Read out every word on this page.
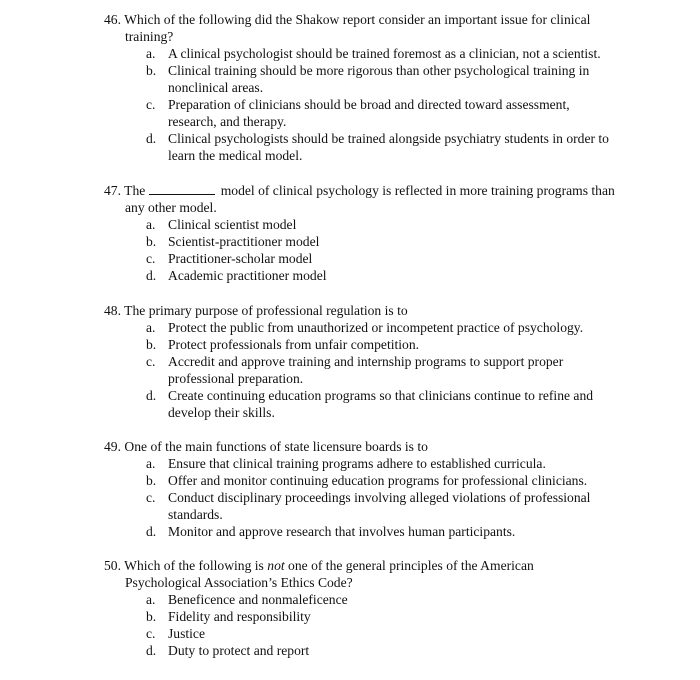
46. Which of the following did the Shakow report consider an important issue for clinical
training?
a. A clinical psychologist should be trained foremost as a clinician, not a scientist.
b. Clinical training should be more rigorous than other psychological training in
nonclinical areas.
c. Preparation of clinicians should be broad and directed toward assessment,
research, and therapy.
d. Clinical psychologists should be trained alongside psychiatry students in order to
learn the medical model.
47. The	model of clinical psychology is reflected in more training programs than
any other model.
a. Clinical scientist model
b. Scientist-practitioner model
c. Practitioner-scholar model
d. Academic practitioner model
48. The primary purpose of professional regulation is to
a. Protect the public from unauthorized or incompetent practice of psychology.
b. Protect professionals from unfair competition.
c. Accredit and approve training and internship programs to support proper
professional preparation.
d. Create continuing education programs so that clinicians continue to refine and
develop their skills.
49. One of the main functions of state licensure boards is to
a. Ensure that clinical training programs adhere to established curricula.
b. Offer and monitor continuing education programs for professional clinicians.
c. Conduct disciplinary proceedings involving alleged violations of professional
standards.
d. Monitor and approve research that involves human participants.
50. Which of the following is not one of the general principles of the American
Psychological Association’s Ethics Code?
a. Beneficence and nonmaleficence
b. Fidelity and responsibility
c. Justice
d. Duty to protect and report
